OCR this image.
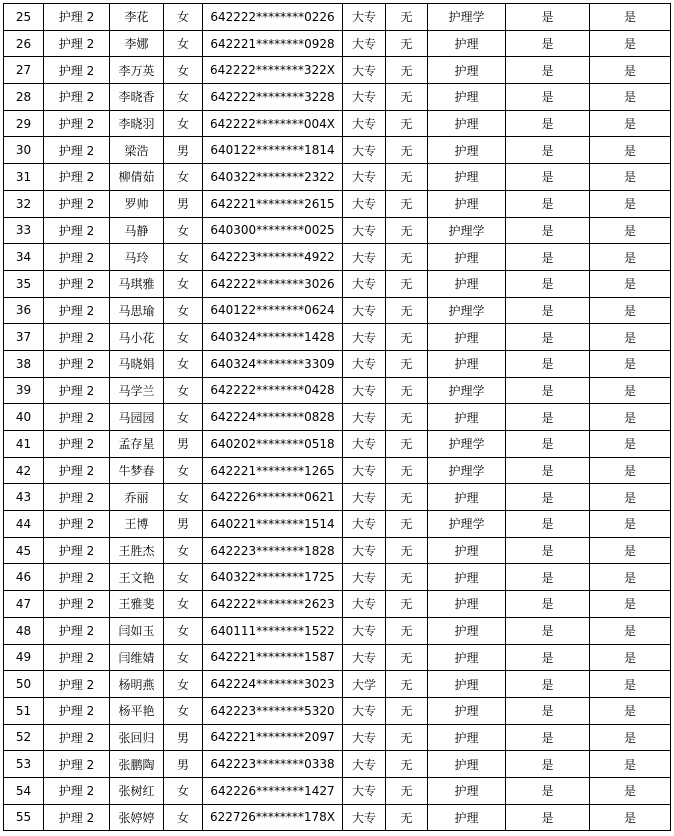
25	护理 2	李花	女	642222********0226	大专	无	护理学	是	是
26	护理 2	李娜	女	642221********0928	大专	无	护理	是	是
27	护理 2	李万英	女	642222********322X	大专	无	护理	是	是
28	护理 2	李晓香	女	642222********3228	大专	无	护理	是	是
29	护理 2	李晓羽	女	642222********004X	大专	无	护理	是	是
30	护理 2	梁浩	男	640122********1814	大专	无	护理	是	是
31	护理 2	柳倩茹	女	640322********2322	大专	无	护理	是	是
32	护理 2	罗帅	男	642221********2615	大专	无	护理	是	是
33	护理 2	马静	女	640300********0025	大专	无	护理学	是	是
34	护理 2	马玲	女	642223********4922	大专	无	护理	是	是
35	护理 2	马琪雅	女	642222********3026	大专	无	护理	是	是
36	护理 2	马思瑜	女	640122********0624	大专	无	护理学	是	是
37	护理 2	马小花	女	640324********1428	大专	无	护理	是	是
38	护理 2	马晓娟	女	640324********3309	大专	无	护理	是	是
39	护理 2	马学兰	女	642222********0428	大专	无	护理学	是	是
40	护理 2	马园园	女	642224********0828	大专	无	护理	是	是
41	护理 2	孟存星	男	640202********0518	大专	无	护理学	是	是
42	护理 2	牛梦春	女	642221********1265	大专	无	护理学	是	是
43	护理 2	乔丽	女	642226********0621	大专	无	护理	是	是
44	护理 2	王博	男	640221********1514	大专	无	护理学	是	是
45	护理 2	王胜杰	女	642223********1828	大专	无	护理	是	是
46	护理 2	王文艳	女	640322********1725	大专	无	护理	是	是
47	护理 2	王雅斐	女	642222********2623	大专	无	护理	是	是
48	护理 2	闫如玉	女	640111********1522	大专	无	护理	是	是
49	护理 2	闫维婧	女	642221********1587	大专	无	护理	是	是
50	护理 2	杨明燕	女	642224********3023	大学	无	护理	是	是
51	护理 2	杨平艳	女	642223********5320	大专	无	护理	是	是
52	护理 2	张回归	男	642221********2097	大专	无	护理	是	是
53	护理 2	张鹏陶	男	642223********0338	大专	无	护理	是	是
54	护理 2	张树红	女	642226********1427	大专	无	护理	是	是
55	护理 2	张婷婷	女	622726********178X	大专	无	护理	是	是
